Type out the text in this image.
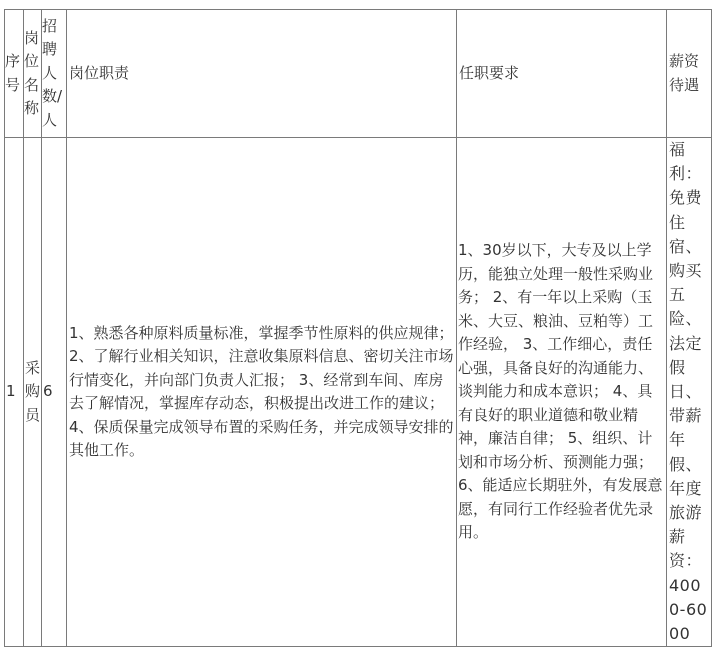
序号	岗位名称	招聘人数/人	岗位职责	任职要求	薪资待遇
1	采购员	6	1、熟悉各种原料质量标准，掌握季节性原料的供应规律； 2、了解行业相关知识，注意收集原料信息、密切关注市场行情变化，并向部门负责人汇报； 3、经常到车间、库房去了解情况，掌握库存动态，积极提出改进工作的建议； 4、保质保量完成领导布置的采购任务，并完成领导安排的其他工作。	1、30岁以下，大专及以上学历，能独立处理一般性采购业务； 2、有一年以上采购（玉米、大豆、粮油、豆粕等）工作经验， 3、工作细心，责任心强，具备良好的沟通能力、谈判能力和成本意识； 4、具有良好的职业道德和敬业精神，廉洁自律； 5、组织、计划和市场分析、预测能力强； 6、能适应长期驻外，有发展意愿，有同行工作经验者优先录用。	福利：免费住宿、购买五险、法定假日、带薪年假、年度旅游薪资：4000-6000
